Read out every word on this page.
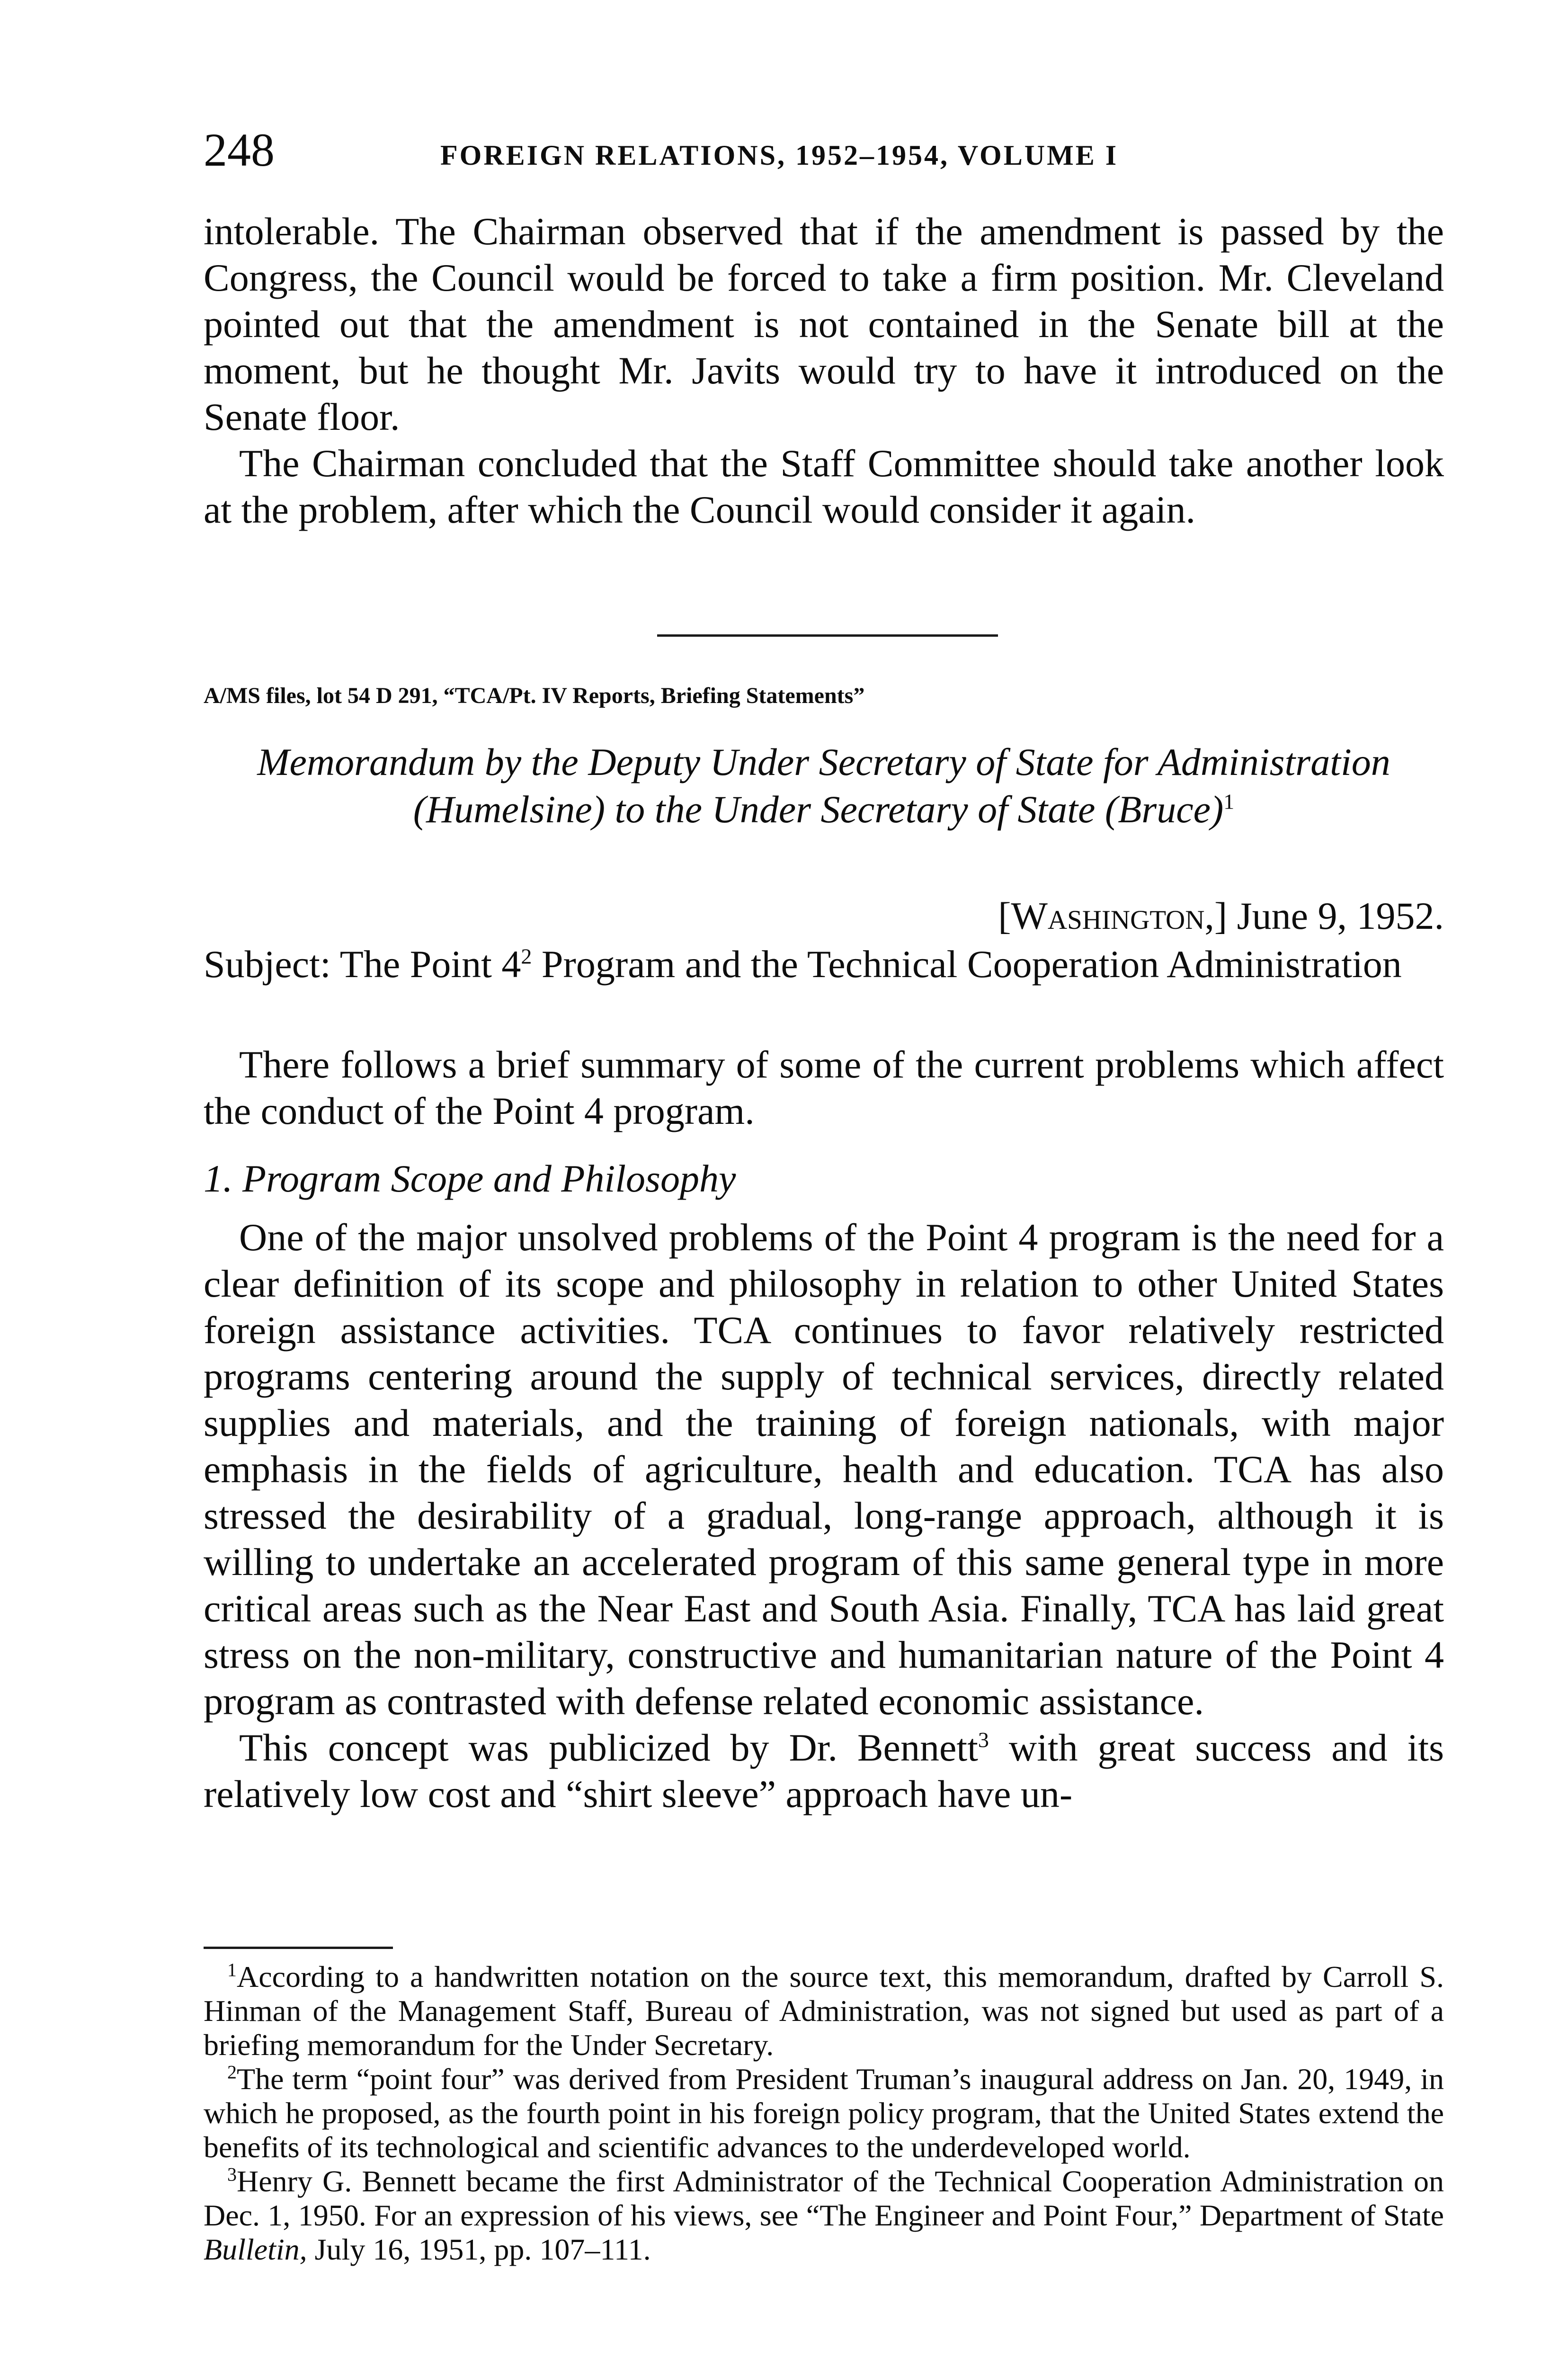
248	FOREIGN RELATIONS, 1952–1954, VOLUME I

intolerable. The Chairman observed that if the amendment is passed by the Congress, the Council would be forced to take a firm position. Mr. Cleveland pointed out that the amendment is not contained in the Senate bill at the moment, but he thought Mr. Javits would try to have it introduced on the Senate floor.

The Chairman concluded that the Staff Committee should take another look at the problem, after which the Council would consider it again.

A/MS files, lot 54 D 291, “TCA/Pt. IV Reports, Briefing Statements”
Memorandum by the Deputy Under Secretary of State for Administration (Humelsine) to the Under Secretary of State (Bruce)$^1$
[Washington,] June 9, 1952.
Subject: The Point $4^2$ Program and the Technical Cooperation Administration

There follows a brief summary of some of the current problems which affect the conduct of the Point 4 program.

1. Program Scope and Philosophy

One of the major unsolved problems of the Point 4 program is the need for a clear definition of its scope and philosophy in relation to other United States foreign assistance activities. TCA continues to favor relatively restricted programs centering around the supply of technical services, directly related supplies and materials, and the training of foreign nationals, with major emphasis in the fields of agriculture, health and education. TCA has also stressed the desirability of a gradual, long-range approach, although it is willing to undertake an accelerated program of this same general type in more critical areas such as the Near East and South Asia. Finally, TCA has laid great stress on the non-military, constructive and humanitarian nature of the Point 4 program as contrasted with defense related economic assistance.

This concept was publicized by Dr. Bennett$^3$ with great success and its relatively low cost and “shirt sleeve” approach have un-

$^1$According to a handwritten notation on the source text, this memorandum, drafted by Carroll S. Hinman of the Management Staff, Bureau of Administration, was not signed but used as part of a briefing memorandum for the Under Secretary.

$^2$The term “point four” was derived from President Truman’s inaugural address on Jan. 20, 1949, in which he proposed, as the fourth point in his foreign policy program, that the United States extend the benefits of its technological and scientific advances to the underdeveloped world.

$^3$Henry G. Bennett became the first Administrator of the Technical Cooperation Administration on Dec. 1, 1950. For an expression of his views, see “The Engineer and Point Four,” Department of State Bulletin, July 16, 1951, pp. 107–111.
